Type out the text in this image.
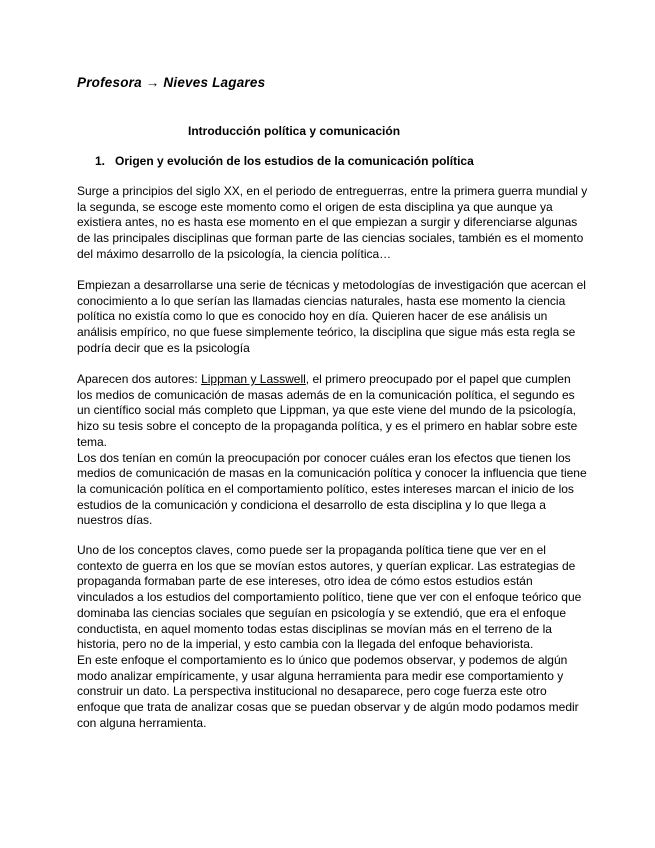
Profesora → Nieves Lagares
Introducción política y comunicación
1. Origen y evolución de los estudios de la comunicación política
Surge a principios del siglo XX, en el periodo de entreguerras, entre la primera guerra mundial y
la segunda, se escoge este momento como el origen de esta disciplina ya que aunque ya
existiera antes, no es hasta ese momento en el que empiezan a surgir y diferenciarse algunas
de las principales disciplinas que forman parte de las ciencias sociales, también es el momento
del máximo desarrollo de la psicología, la ciencia política…
Empiezan a desarrollarse una serie de técnicas y metodologías de investigación que acercan el
conocimiento a lo que serían las llamadas ciencias naturales, hasta ese momento la ciencia
política no existía como lo que es conocido hoy en día. Quieren hacer de ese análisis un
análisis empírico, no que fuese simplemente teórico, la disciplina que sigue más esta regla se
podría decir que es la psicología
Aparecen dos autores: Lippman y Lasswell, el primero preocupado por el papel que cumplen
los medios de comunicación de masas además de en la comunicación política, el segundo es
un científico social más completo que Lippman, ya que este viene del mundo de la psicología,
hizo su tesis sobre el concepto de la propaganda política, y es el primero en hablar sobre este
tema.
Los dos tenían en común la preocupación por conocer cuáles eran los efectos que tienen los
medios de comunicación de masas en la comunicación política y conocer la influencia que tiene
la comunicación política en el comportamiento político, estes intereses marcan el inicio de los
estudios de la comunicación y condiciona el desarrollo de esta disciplina y lo que llega a
nuestros días.
Uno de los conceptos claves, como puede ser la propaganda política tiene que ver en el
contexto de guerra en los que se movían estos autores, y querían explicar. Las estrategias de
propaganda formaban parte de ese intereses, otro idea de cómo estos estudios están
vinculados a los estudios del comportamiento político, tiene que ver con el enfoque teórico que
dominaba las ciencias sociales que seguían en psicología y se extendió, que era el enfoque
conductista, en aquel momento todas estas disciplinas se movían más en el terreno de la
historia, pero no de la imperial, y esto cambia con la llegada del enfoque behaviorista.
En este enfoque el comportamiento es lo único que podemos observar, y podemos de algún
modo analizar empíricamente, y usar alguna herramienta para medir ese comportamiento y
construir un dato. La perspectiva institucional no desaparece, pero coge fuerza este otro
enfoque que trata de analizar cosas que se puedan observar y de algún modo podamos medir
con alguna herramienta.
